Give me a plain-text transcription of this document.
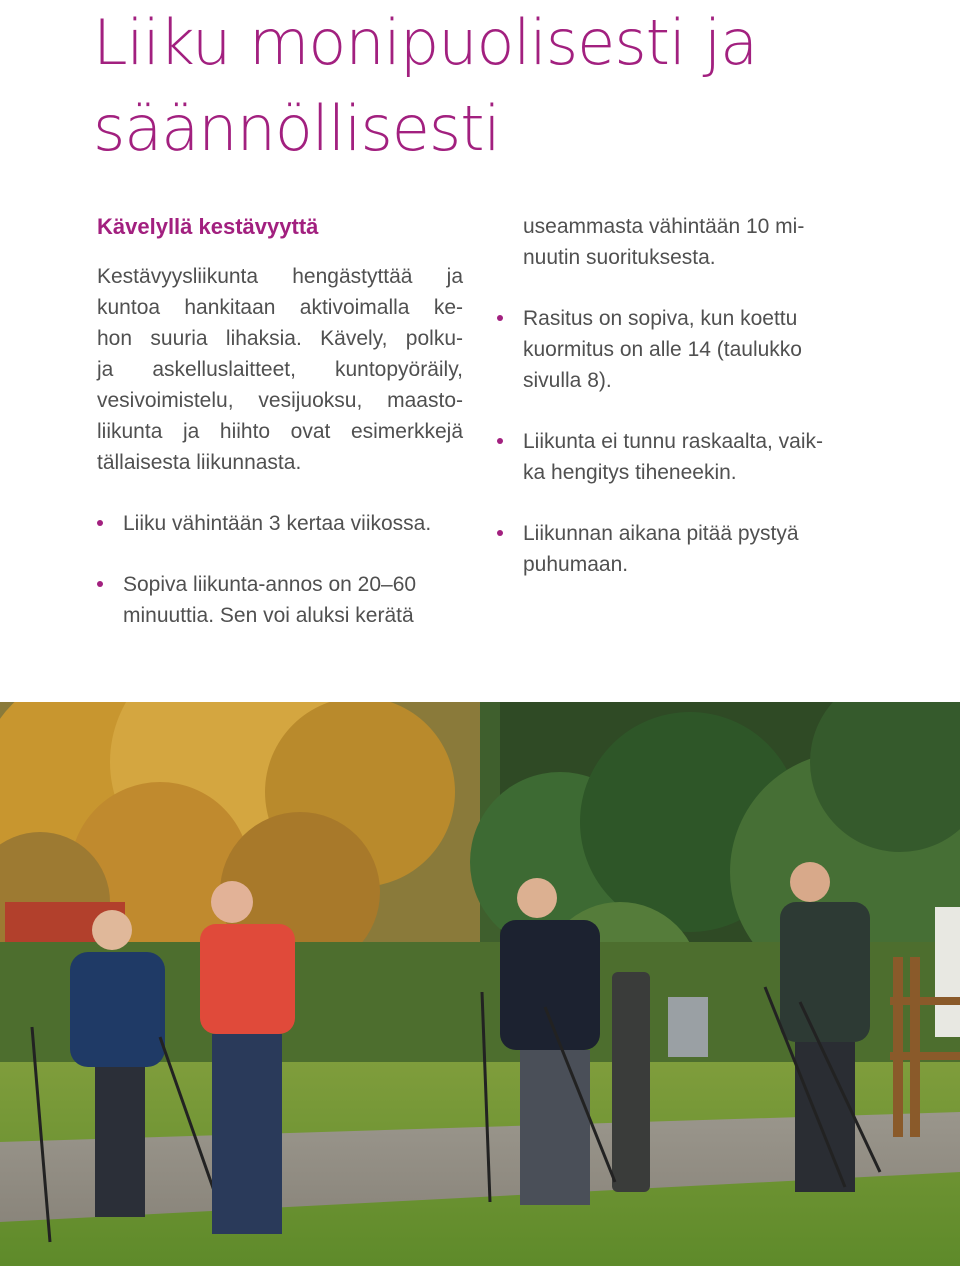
Liiku monipuolisesti ja
säännöllisesti
Kävelyllä kestävyyttä

Kestävyysliikunta hengästyttää ja
kuntoa hankitaan aktivoimalla ke-
hon suuria lihaksia. Kävely, polku-
ja askelluslaitteet, kuntopyöräily,
vesivoimistelu, vesijuoksu, maasto-
liikunta ja hiihto ovat esimerkkejä
tällaisesta liikunnasta.

Liiku vähintään 3 kertaa viikossa.
Sopiva liikunta-annos on 20–60
minuuttia. Sen voi aluksi kerätä
useammasta vähintään 10 mi-
nuutin suorituksesta.
Rasitus on sopiva, kun koettu
kuormitus on alle 14 (taulukko
sivulla 8).
Liikunta ei tunnu raskaalta, vaik-
ka hengitys tiheneekin.
Liikunnan aikana pitää pystyä
puhumaan.
